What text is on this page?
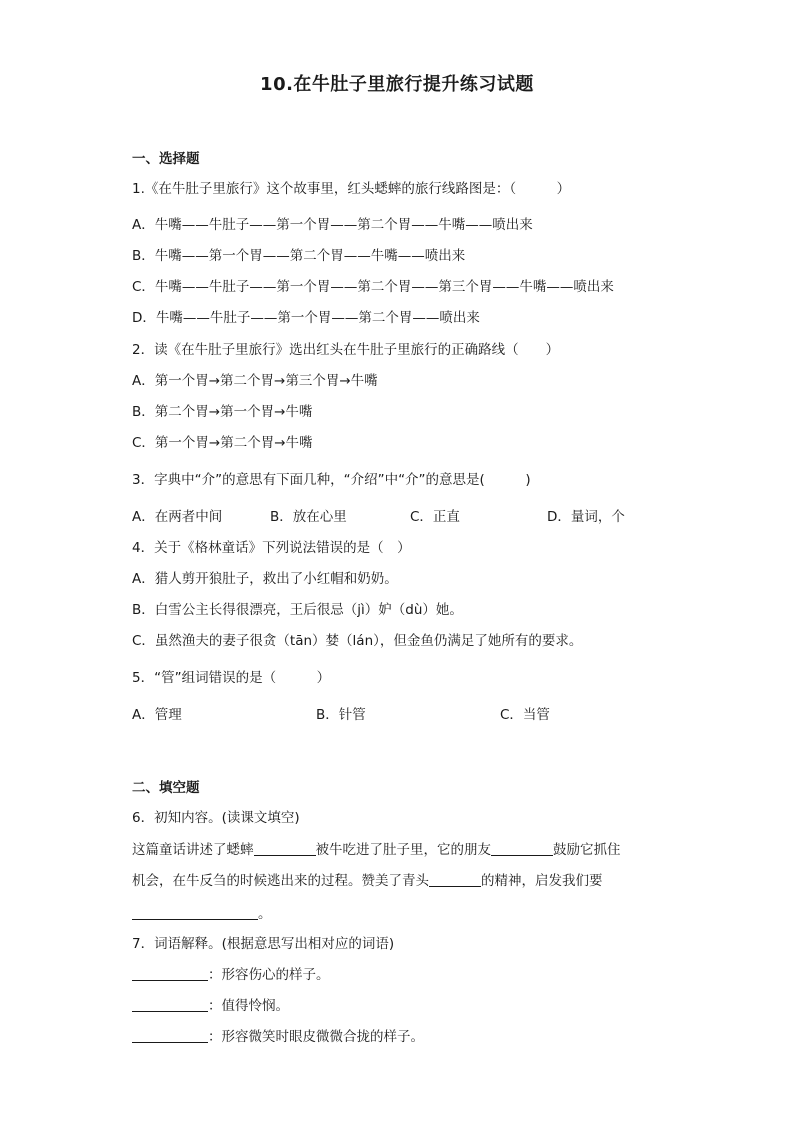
10.在牛肚子里旅行提升练习试题
一、选择题
1.《在牛肚子里旅行》这个故事里，红头蟋蟀的旅行线路图是：（　　　）
A．牛嘴——牛肚子——第一个胃——第二个胃——牛嘴——喷出来
B．牛嘴——第一个胃——第二个胃——牛嘴——喷出来
C．牛嘴——牛肚子——第一个胃——第二个胃——第三个胃——牛嘴——喷出来
D．牛嘴——牛肚子——第一个胃——第二个胃——喷出来
2．读《在牛肚子里旅行》选出红头在牛肚子里旅行的正确路线（　　）
A．第一个胃→第二个胃→第三个胃→牛嘴
B．第二个胃→第一个胃→牛嘴
C．第一个胃→第二个胃→牛嘴
3．字典中“介”的意思有下面几种，“介绍”中“介”的意思是(　　　)
A．在两者中间	B．放在心里	C．正直	D．量词，个
4．关于《格林童话》下列说法错误的是（　）
A．猎人剪开狼肚子，救出了小红帽和奶奶。
B．白雪公主长得很漂亮，王后很忌（jì）妒（dù）她。
C．虽然渔夫的妻子很贪（tān）婪（lán），但金鱼仍满足了她所有的要求。
5．“管”组词错误的是（　　　）
A．管理	B．针管	C．当管
二、填空题
6．初知内容。(读课文填空)
这篇童话讲述了蟋蟀	被牛吃进了肚子里，它的朋友	鼓励它抓住
机会，在牛反刍的时候逃出来的过程。赞美了青头	的精神，启发我们要
。
7．词语解释。(根据意思写出相对应的词语)
：形容伤心的样子。
：值得怜悯。
：形容微笑时眼皮微微合拢的样子。
